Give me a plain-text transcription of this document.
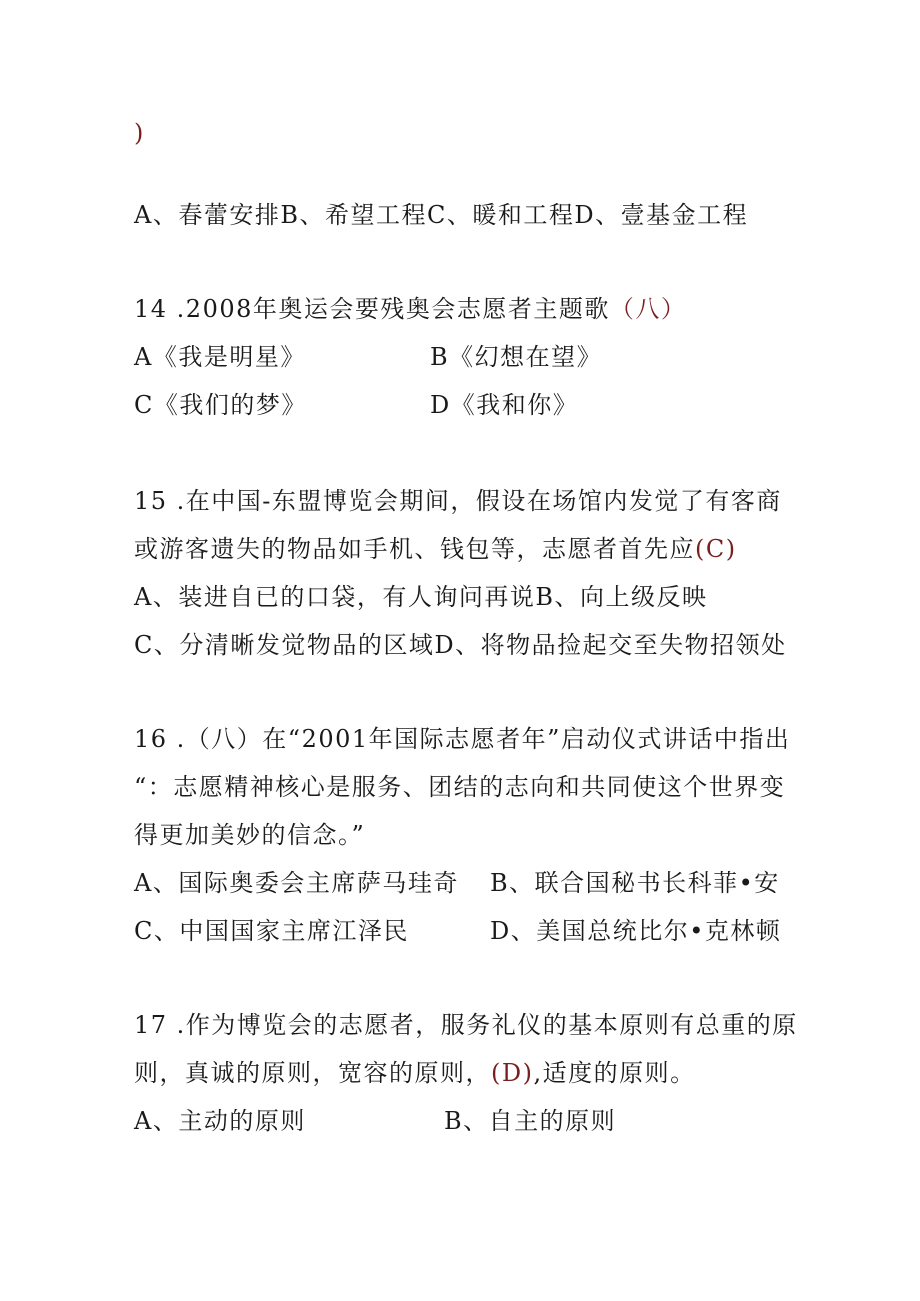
)
A、春蕾安排B、希望工程C、暖和工程D、壹基金工程
14 .2008年奥运会要残奥会志愿者主题歌（八）
A《我是明星》	B《幻想在望》
C《我们的梦》	D《我和你》
15 .在中国-东盟博览会期间，假设在场馆内发觉了有客商
或游客遗失的物品如手机、钱包等，志愿者首先应(C)
A、装进自已的口袋，有人询问再说B、向上级反映
C、分清晰发觉物品的区域D、将物品捡起交至失物招领处
16 .（八）在“2001年国际志愿者年”启动仪式讲话中指出
“：志愿精神核心是服务、团结的志向和共同使这个世界变
得更加美妙的信念。”
A、国际奥委会主席萨马珪奇 B、联合国秘书长科菲•安
C、中国国家主席江泽民	D、美国总统比尔•克林顿
17 .作为博览会的志愿者，服务礼仪的基本原则有总重的原
则，真诚的原则，宽容的原则，(D),适度的原则。
A、主动的原则	B、自主的原则
